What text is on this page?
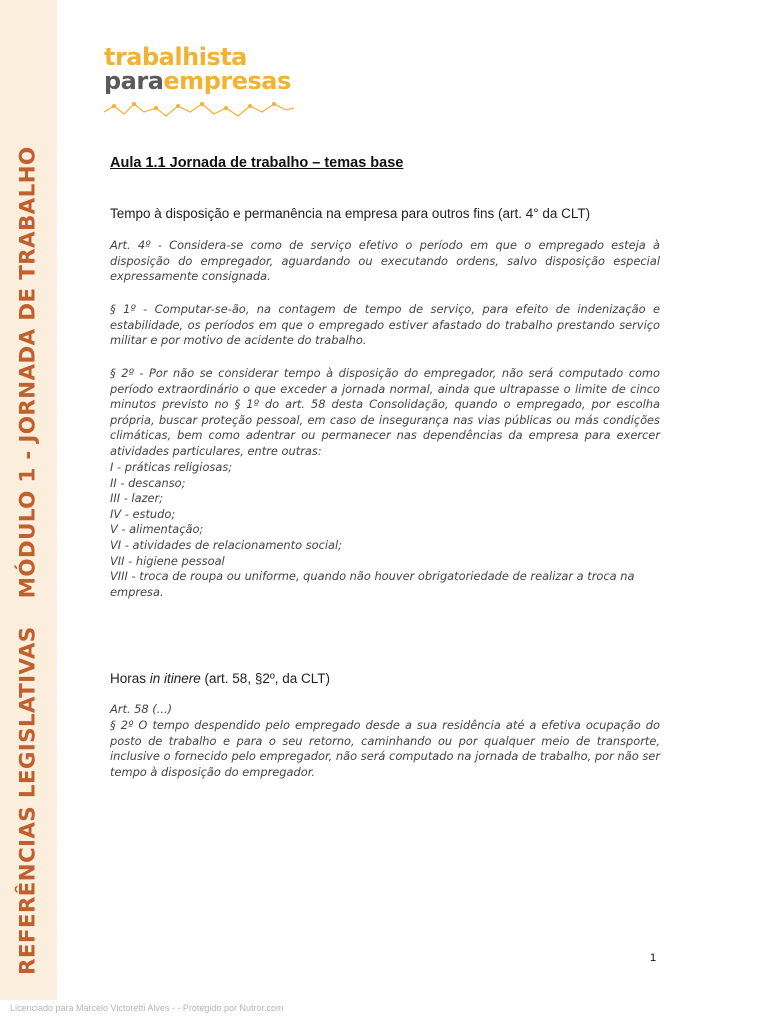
REFERÊNCIAS LEGISLATIVASMÓDULO 1 - JORNADA DE TRABALHO
trabalhista
paraempresas
Aula 1.1 Jornada de trabalho – temas base
Tempo à disposição e permanência na empresa para outros fins (art. 4° da CLT)

Art. 4º - Considera-se como de serviço efetivo o período em que o empregado esteja à disposição do empregador, aguardando ou executando ordens, salvo disposição especial expressamente consignada.

§ 1º - Computar-se-ão, na contagem de tempo de serviço, para efeito de indenização e estabilidade, os períodos em que o empregado estiver afastado do trabalho prestando serviço militar e por motivo de acidente do trabalho.

§ 2º - Por não se considerar tempo à disposição do empregador, não será computado como período extraordinário o que exceder a jornada normal, ainda que ultrapasse o limite de cinco minutos previsto no § 1º do art. 58 desta Consolidação, quando o empregado, por escolha própria, buscar proteção pessoal, em caso de insegurança nas vias públicas ou más condições climáticas, bem como adentrar ou permanecer nas dependências da empresa para exercer atividades particulares, entre outras:

I - práticas religiosas;
II - descanso;
III - lazer;
IV - estudo;
V - alimentação;
VI - atividades de relacionamento social;
VII - higiene pessoal
VIII - troca de roupa ou uniforme, quando não houver obrigatoriedade de realizar a troca na empresa.
Horas in itinere (art. 58, §2º, da CLT)

Art. 58 (...)

§ 2º O tempo despendido pelo empregado desde a sua residência até a efetiva ocupação do posto de trabalho e para o seu retorno, caminhando ou por qualquer meio de transporte, inclusive o fornecido pelo empregador, não será computado na jornada de trabalho, por não ser tempo à disposição do empregador.

1
Licenciado para Marcelo Victoretti Alves - - Protegido por Nutror.com
